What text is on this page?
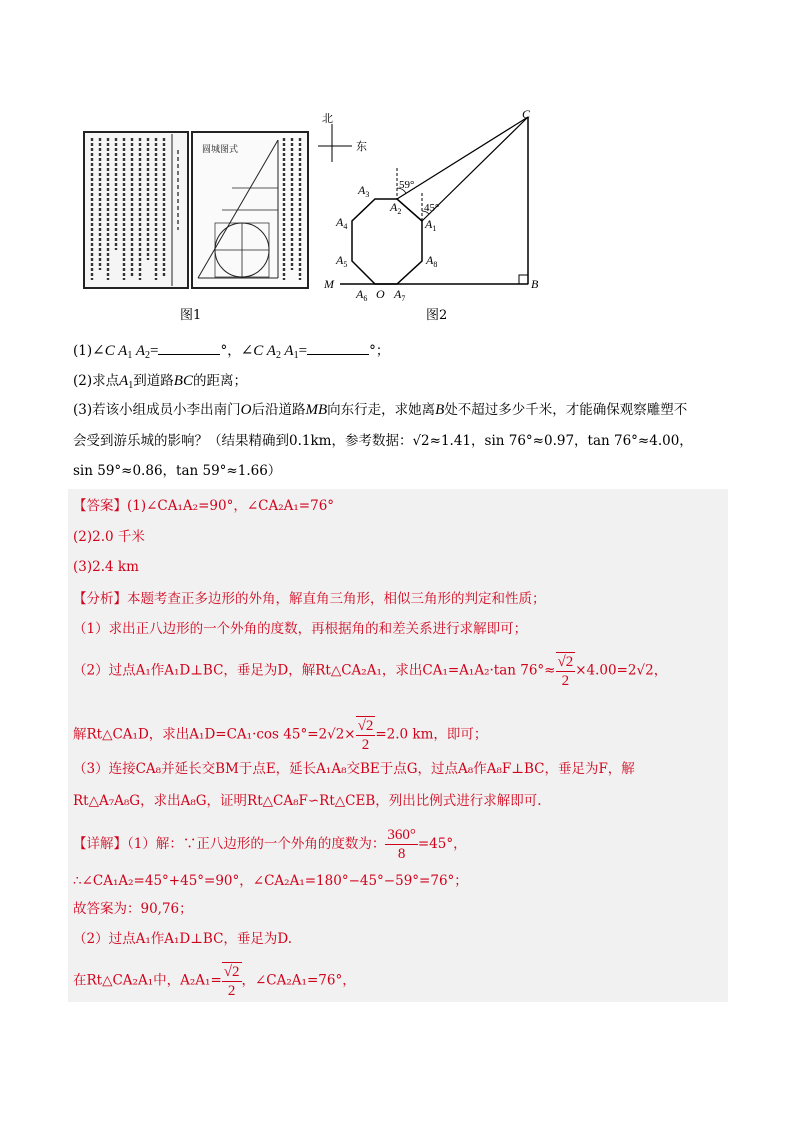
圆城图式
图1
北
东
59°
45°
C
B
M
O
$A_1$
$A_2$
$A_3$
$A_4$
$A_5$
$A_6$ $A_7$
$A_8$
图2
(1)∠C $A_1$ $A_2=$	°，∠C $A_2$ $A_1=$	°；
(2)求点$A_1$到道路BC的距离；
(3)若该小组成员小李出南门O后沿道路MB向东行走，求她离B处不超过多少千米，才能确保观察雕塑不
会受到游乐城的影响？（结果精确到0.1km，参考数据：√2≈1.41，sin 76°≈0.97，tan 76°≈4.00，
sin 59°≈0.86，tan 59°≈1.66）
【答案】(1)∠CA₁A₂=90°，∠CA₂A₁=76°
(2)2.0 千米
(3)2.4 km
【分析】本题考查正多边形的外角，解直角三角形，相似三角形的判定和性质；
（1）求出正八边形的一个外角的度数，再根据角的和差关系进行求解即可；
（2）过点A₁作A₁D⊥BC，垂足为D，解Rt△CA₂A₁，求出CA₁=A₁A₂·tan $76^\circ\approx \frac{√2}{2} \times 4.00=2√2$，
解Rt△CA₁D，求出A₁D=CA₁·cos $45^\circ=2√2\times \frac{√2}{2} =2.0$ km，即可；
（3）连接CA₈并延长交BM于点E，延长A₁A₈交BE于点G，过点A₈作A₈F⊥BC，垂足为F，解
Rt△A₇A₈G，求出A₈G，证明Rt△CA₈F∽Rt△CEB，列出比例式进行求解即可.
【详解】（1）解：∵正八边形的一个外角的度数为： $\frac{360^\circ}{8} =45^\circ$，
∴∠CA₁A₂=45°+45°=90°，∠CA₂A₁=180°−45°−59°=76°；
故答案为：90,76；
（2）过点A₁作A₁D⊥BC，垂足为D.
在Rt△CA₂A₁中，$A_2A_1= \frac{√2}{2}$ ，∠CA₂A₁=76°，
